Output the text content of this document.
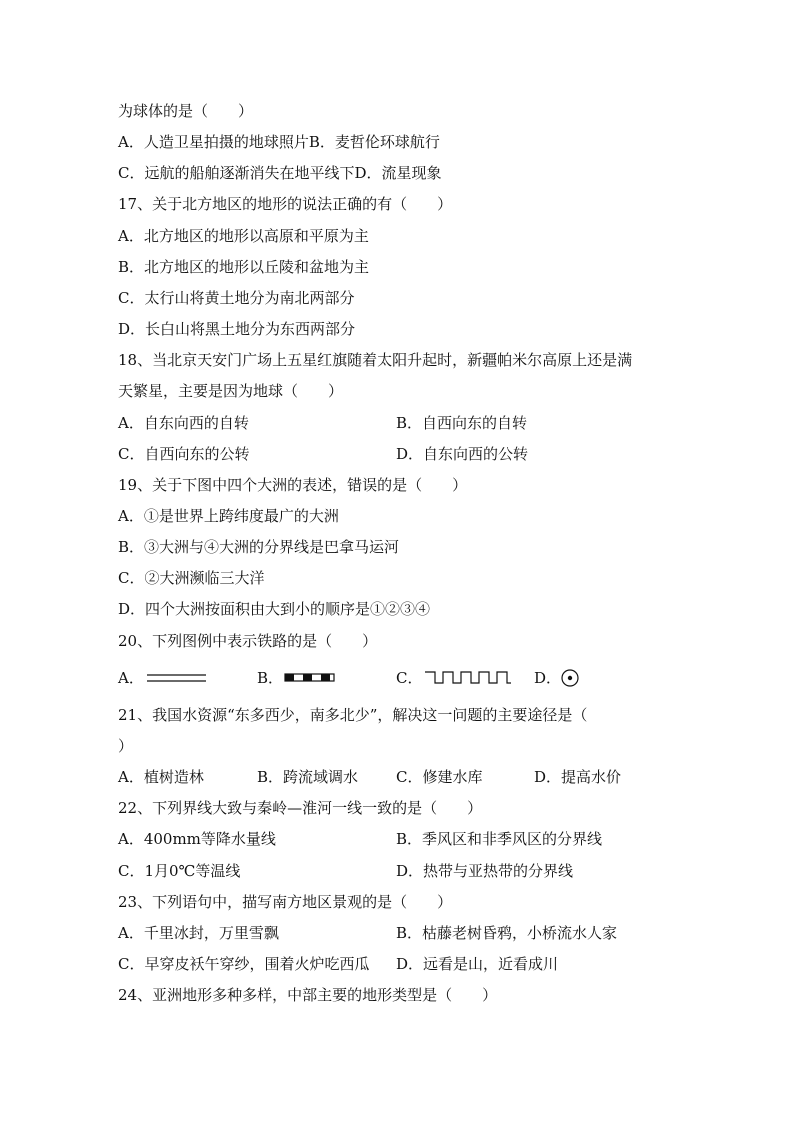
为球体的是（　　）
A．人造卫星拍摄的地球照片B．麦哲伦环球航行
C．远航的船舶逐渐消失在地平线下D．流星现象
17、关于北方地区的地形的说法正确的有（　　）
A．北方地区的地形以高原和平原为主
B．北方地区的地形以丘陵和盆地为主
C．太行山将黄土地分为南北两部分
D．长白山将黑土地分为东西两部分
18、当北京天安门广场上五星红旗随着太阳升起时，新疆帕米尔高原上还是满
天繁星，主要是因为地球（　　）
A．自东向西的自转	B．自西向东的自转
C．自西向东的公转	D．自东向西的公转
19、关于下图中四个大洲的表述，错误的是（　　）
A．①是世界上跨纬度最广的大洲
B．③大洲与④大洲的分界线是巴拿马运河
C．②大洲濒临三大洋
D．四个大洲按面积由大到小的顺序是①②③④
20、下列图例中表示铁路的是（　　）
A．	B．	C．	D．
21、我国水资源“东多西少，南多北少”，解决这一问题的主要途径是（
）
A．植树造林	B．跨流域调水	C．修建水库	D．提高水价
22、下列界线大致与秦岭—淮河一线一致的是（　　）
A．400mm等降水量线	B．季风区和非季风区的分界线
C．1月0℃等温线	D．热带与亚热带的分界线
23、下列语句中，描写南方地区景观的是（　　）
A．千里冰封，万里雪飘	B．枯藤老树昏鸦，小桥流水人家
C．早穿皮袄午穿纱，围着火炉吃西瓜 D．远看是山，近看成川
24、亚洲地形多种多样，中部主要的地形类型是（　　）
